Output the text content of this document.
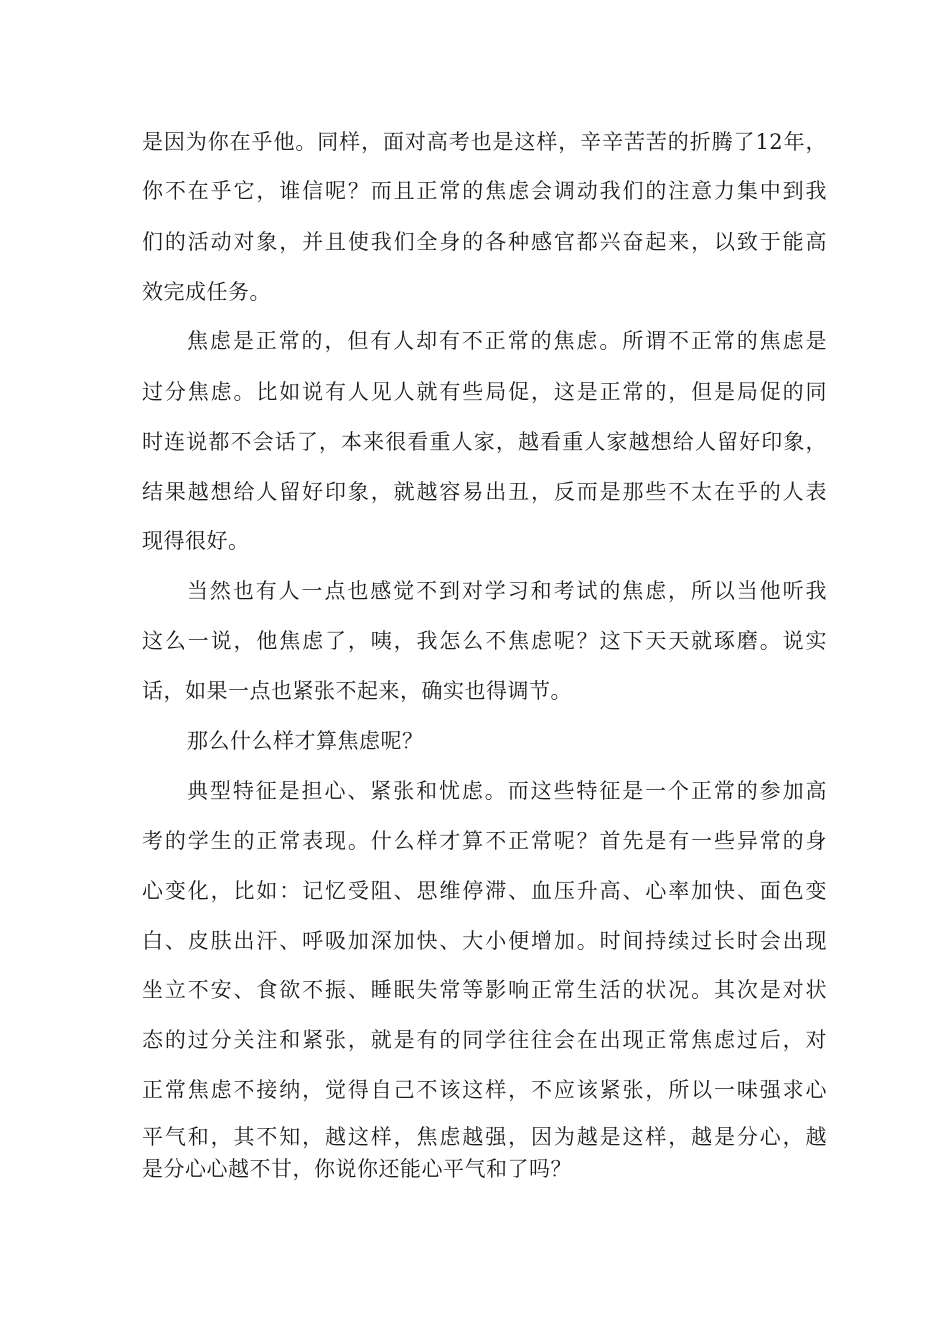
是因为你在乎他。同样，面对高考也是这样，辛辛苦苦的折腾了12年，
你不在乎它，谁信呢？而且正常的焦虑会调动我们的注意力集中到我
们的活动对象，并且使我们全身的各种感官都兴奋起来，以致于能高
效完成任务。
焦虑是正常的，但有人却有不正常的焦虑。所谓不正常的焦虑是
过分焦虑。比如说有人见人就有些局促，这是正常的，但是局促的同
时连说都不会话了，本来很看重人家，越看重人家越想给人留好印象，
结果越想给人留好印象，就越容易出丑，反而是那些不太在乎的人表
现得很好。
当然也有人一点也感觉不到对学习和考试的焦虑，所以当他听我
这么一说，他焦虑了，咦，我怎么不焦虑呢？这下天天就琢磨。说实
话，如果一点也紧张不起来，确实也得调节。
那么什么样才算焦虑呢？
典型特征是担心、紧张和忧虑。而这些特征是一个正常的参加高
考的学生的正常表现。什么样才算不正常呢？首先是有一些异常的身
心变化，比如：记忆受阻、思维停滞、血压升高、心率加快、面色变
白、皮肤出汗、呼吸加深加快、大小便增加。时间持续过长时会出现
坐立不安、食欲不振、睡眠失常等影响正常生活的状况。其次是对状
态的过分关注和紧张，就是有的同学往往会在出现正常焦虑过后，对
正常焦虑不接纳，觉得自己不该这样，不应该紧张，所以一味强求心
平气和，其不知，越这样，焦虑越强，因为越是这样，越是分心，越
是分心心越不甘，你说你还能心平气和了吗？
